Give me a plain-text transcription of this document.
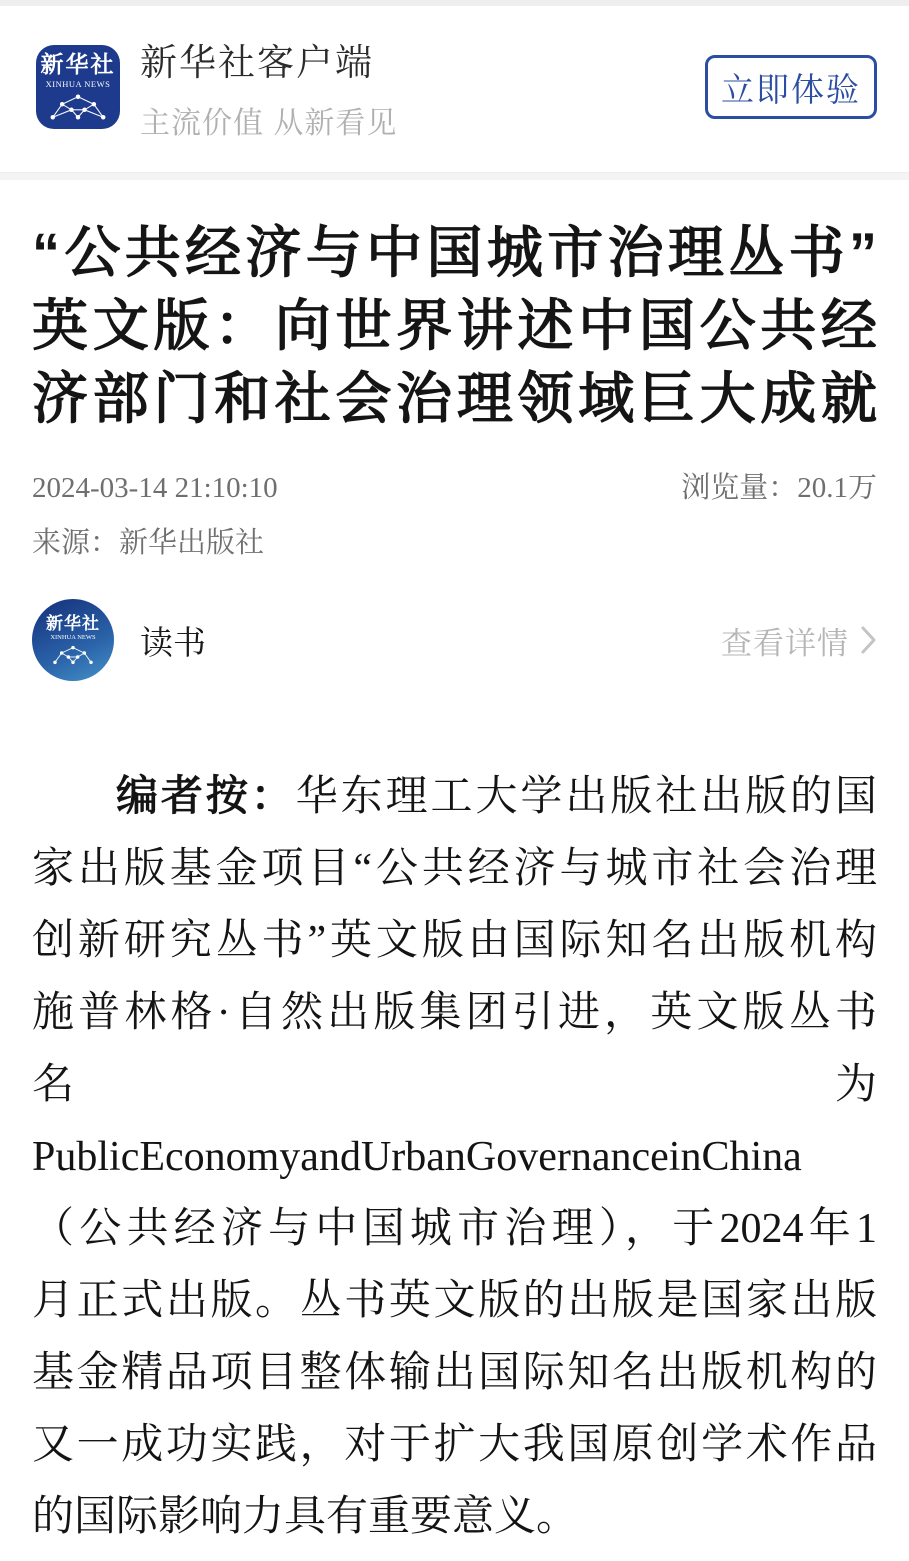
新华社
XINHUA NEWS
新华社客户端
主流价值 从新看见
立即体验
“公共经济与中国城市治理丛书”
英文版：向世界讲述中国公共经
济部门和社会治理领域巨大成就
2024-03-14 21:10:10	浏览量：20.1万
来源：新华出版社
新华社
XINHUA NEWS 读书	查看详情

编者按：华东理工大学出版社出版的国

家出版基金项目“公共经济与城市社会治理

创新研究丛书”英文版由国际知名出版机构

施普林格·自然出版集团引进，英文版丛书

名为

PublicEconomyandUrbanGovernanceinChina

（公共经济与中国城市治理），于2024年1

月正式出版。丛书英文版的出版是国家出版

基金精品项目整体输出国际知名出版机构的

又一成功实践，对于扩大我国原创学术作品

的国际影响力具有重要意义。
